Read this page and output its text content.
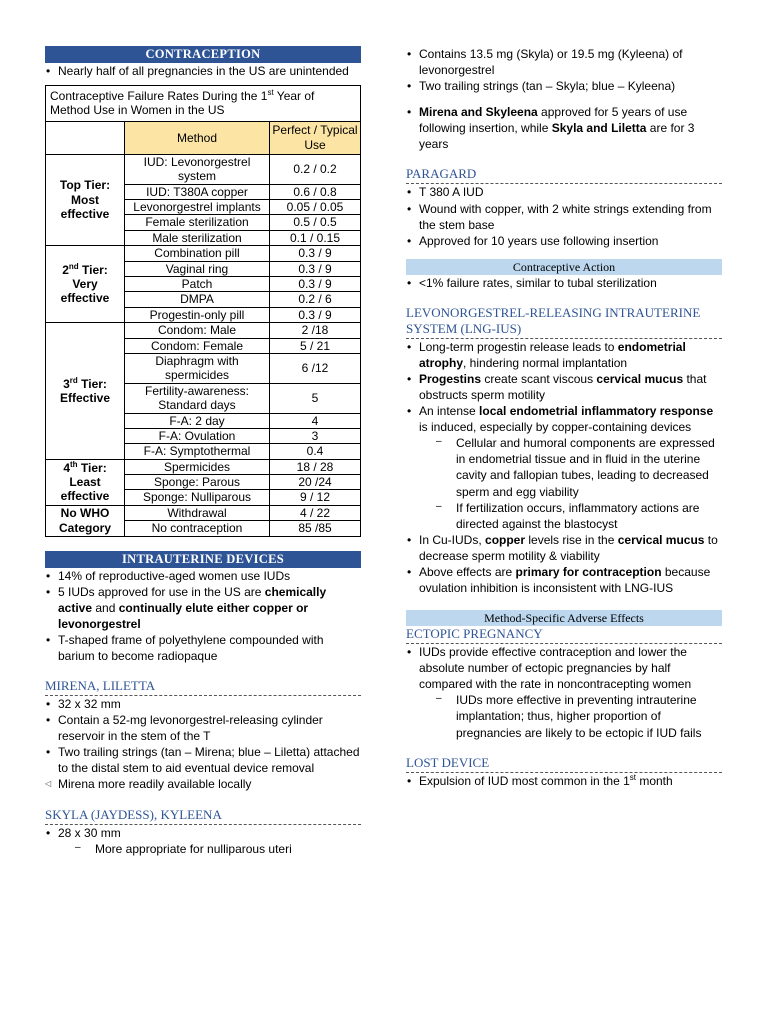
CONTRACEPTION
• Nearly half of all pregnancies in the US are unintended
Contraceptive Failure Rates During the 1st Year of Method Use in Women in the US		
	Method	Perfect / Typical Use
Top Tier: Most effective	IUD: Levonorgestrel system	0.2 / 0.2
	IUD: T380A copper	0.6 / 0.8
	Levonorgestrel implants	0.05 / 0.05
	Female sterilization	0.5 / 0.5
	Male sterilization	0.1 / 0.15
2nd Tier: Very effective	Combination pill	0.3 / 9
	Vaginal ring	0.3 / 9
	Patch	0.3 / 9
	DMPA	0.2 / 6
	Progestin-only pill	0.3 / 9
3rd Tier: Effective	Condom: Male	2 /18
	Condom: Female	5 / 21
	Diaphragm with spermicides	6 /12
	Fertility-awareness: Standard days	5
	F-A: 2 day	4
	F-A: Ovulation	3
	F-A: Symptothermal	0.4
4th Tier: Least effective	Spermicides	18 / 28
	Sponge: Parous	20 /24
	Sponge: Nulliparous	9 / 12
No WHO Category	Withdrawal	4 / 22
	No contraception	85 /85
INTRAUTERINE DEVICES
• 14% of reproductive-aged women use IUDs
• 5 IUDs approved for use in the US are chemically active and continually elute either copper or levonorgestrel
• T-shaped frame of polyethylene compounded with barium to become radiopaque
MIRENA, LILETTA
• 32 x 32 mm
• Contain a 52-mg levonorgestrel-releasing cylinder reservoir in the stem of the T
• Two trailing strings (tan – Mirena; blue – Liletta) attached to the distal stem to aid eventual device removal
◁ Mirena more readily available locally
SKYLA (JAYDESS), KYLEENA
• 28 x 30 mm
– More appropriate for nulliparous uteri
• Contains 13.5 mg (Skyla) or 19.5 mg (Kyleena) of levonorgestrel
• Two trailing strings (tan – Skyla; blue – Kyleena)
• Mirena and Skyleena approved for 5 years of use following insertion, while Skyla and Liletta are for 3 years
PARAGARD
• T 380 A IUD
• Wound with copper, with 2 white strings extending from the stem base
• Approved for 10 years use following insertion
Contraceptive Action
• <1% failure rates, similar to tubal sterilization
LEVONORGESTREL-RELEASING INTRAUTERINE SYSTEM (LNG-IUS)
• Long-term progestin release leads to endometrial atrophy, hindering normal implantation
• Progestins create scant viscous cervical mucus that obstructs sperm motility
• An intense local endometrial inflammatory response is induced, especially by copper-containing devices
– Cellular and humoral components are expressed in endometrial tissue and in fluid in the uterine cavity and fallopian tubes, leading to decreased sperm and egg viability
– If fertilization occurs, inflammatory actions are directed against the blastocyst
• In Cu-IUDs, copper levels rise in the cervical mucus to decrease sperm motility & viability
• Above effects are primary for contraception because ovulation inhibition is inconsistent with LNG-IUS
Method-Specific Adverse Effects
ECTOPIC PREGNANCY
• IUDs provide effective contraception and lower the absolute number of ectopic pregnancies by half compared with the rate in noncontracepting women
– IUDs more effective in preventing intrauterine implantation; thus, higher proportion of pregnancies are likely to be ectopic if IUD fails
LOST DEVICE
• Expulsion of IUD most common in the 1st month
